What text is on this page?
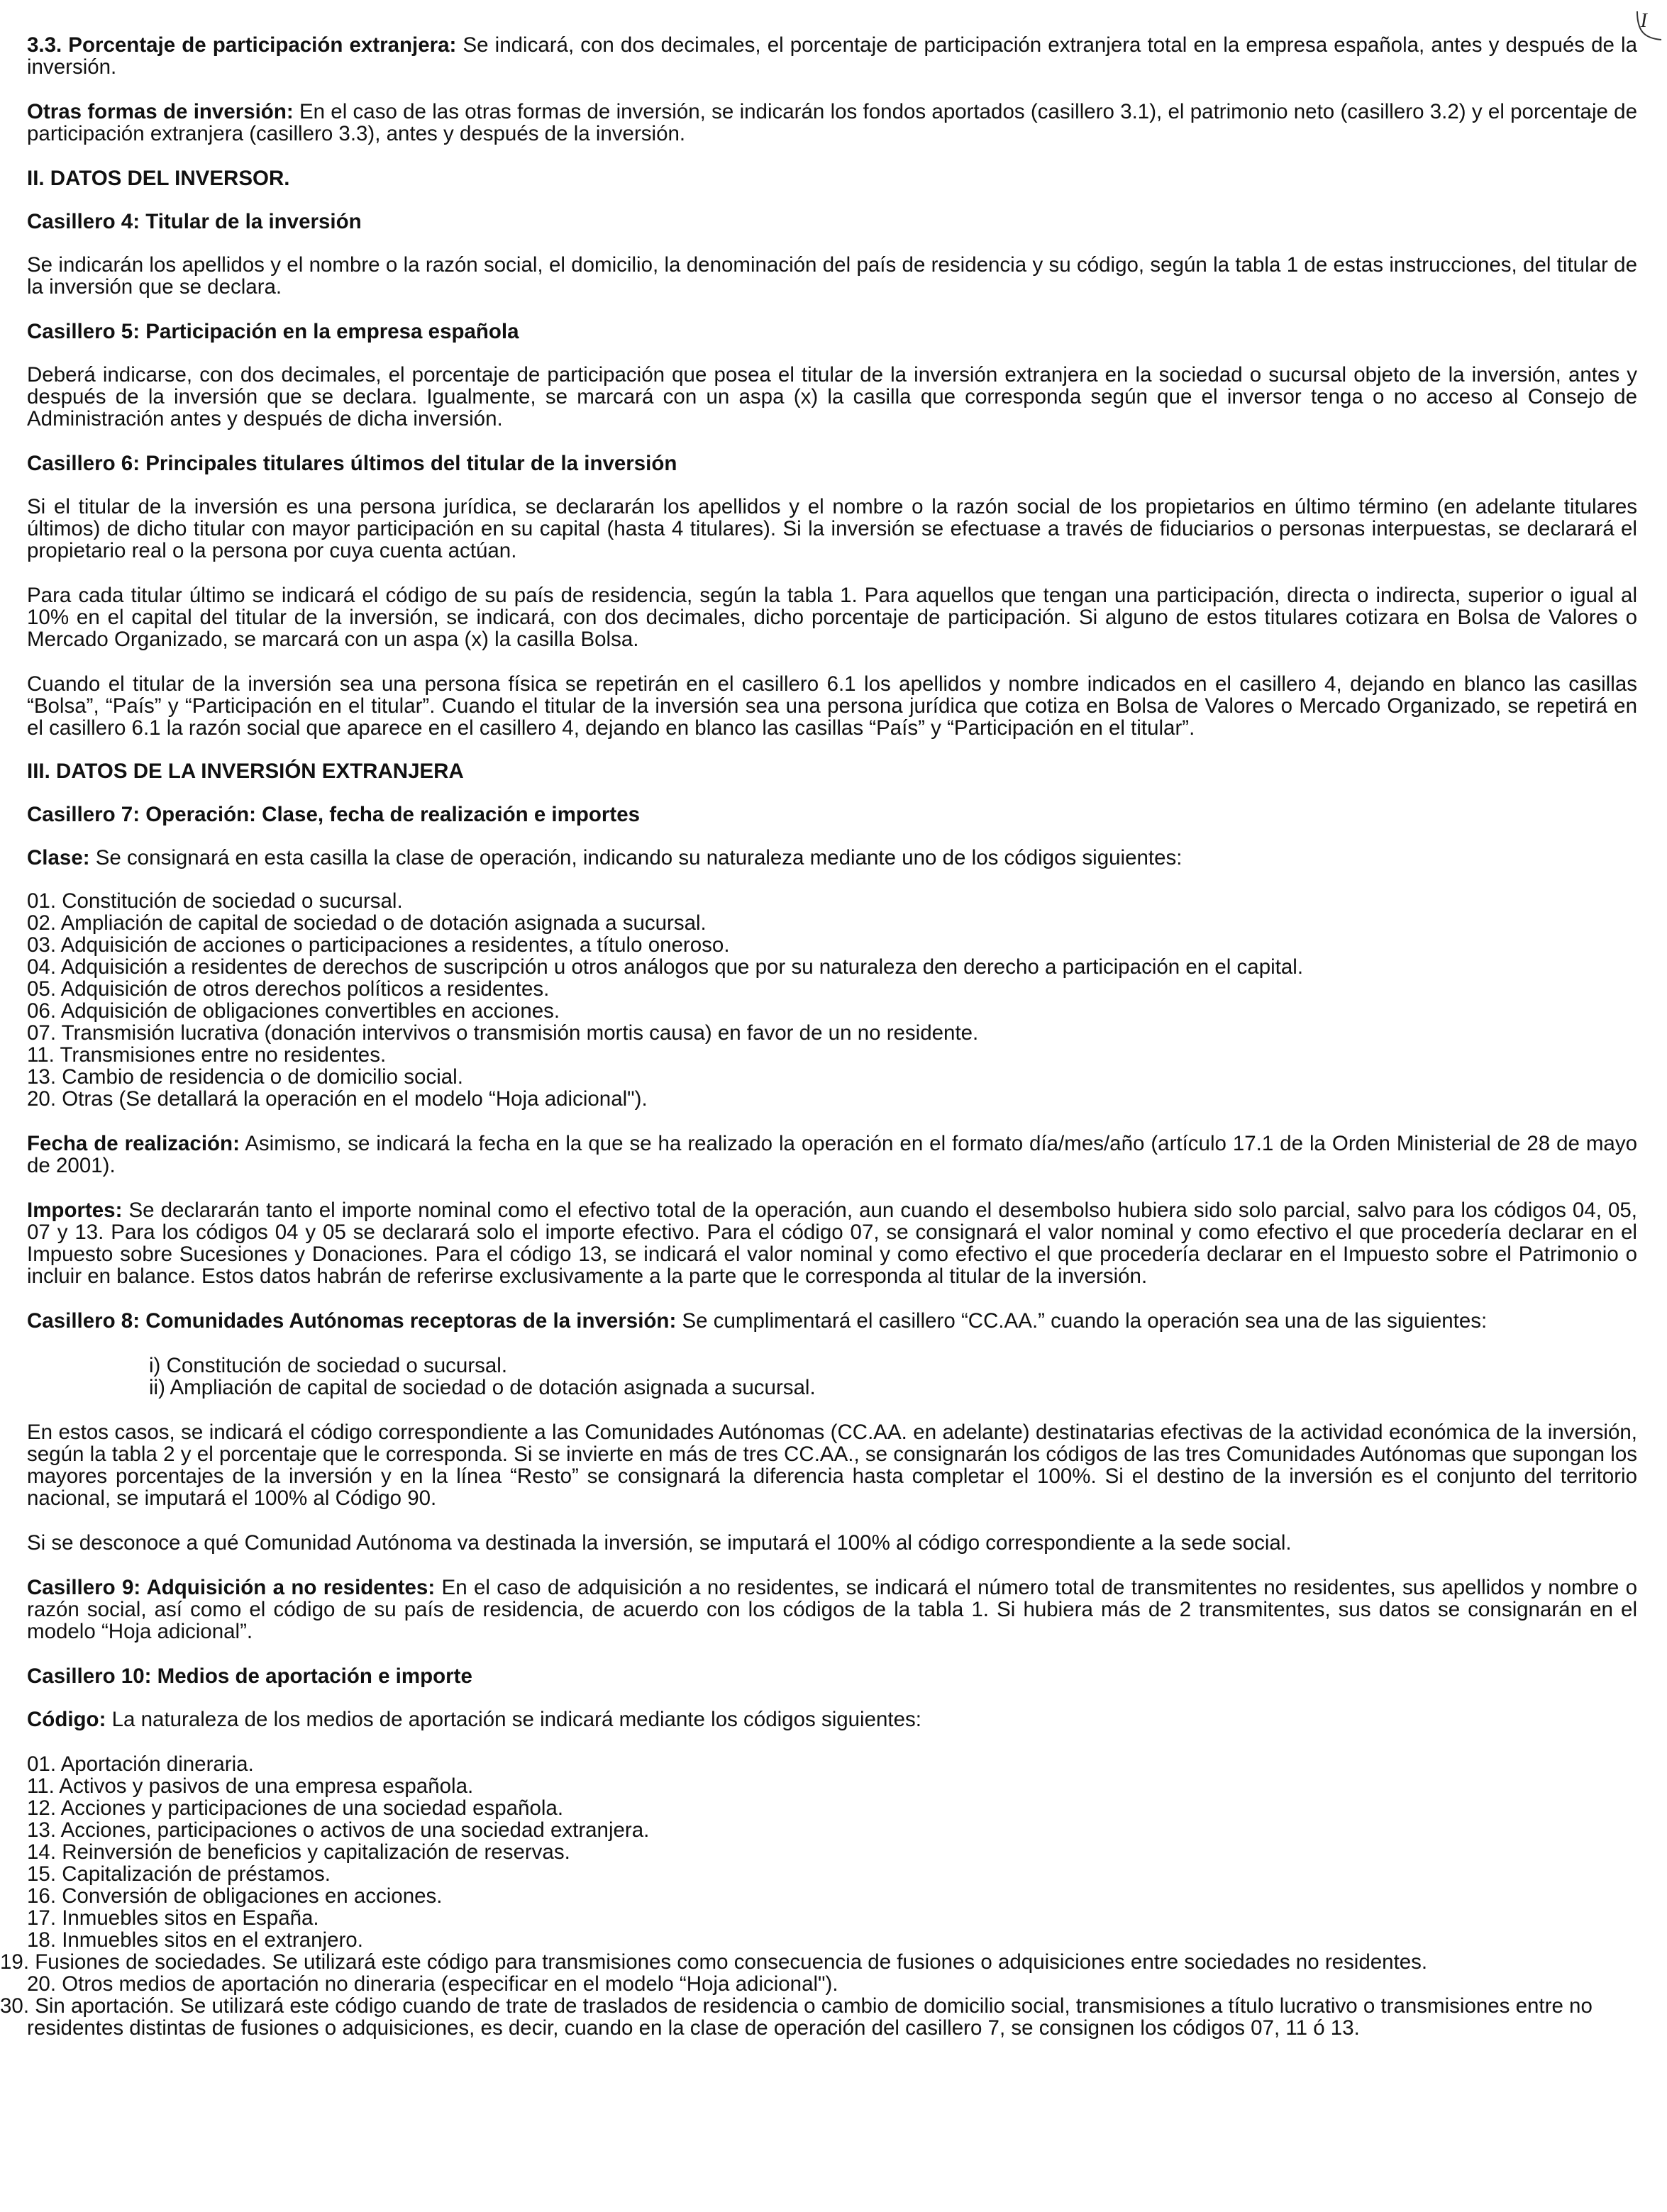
I

3.3. Porcentaje de participación extranjera: Se indicará, con dos decimales, el porcentaje de participación extranjera total en la empresa española, antes y después de la inversión.

Otras formas de inversión: En el caso de las otras formas de inversión, se indicarán los fondos aportados (casillero 3.1), el patrimonio neto (casillero 3.2) y el porcentaje de participación extranjera (casillero 3.3), antes y después de la inversión.

II. DATOS DEL INVERSOR.
Casillero 4: Titular de la inversión

Se indicarán los apellidos y el nombre o la razón social, el domicilio, la denominación del país de residencia y su código, según la tabla 1 de estas instrucciones, del titular de la inversión que se declara.

Casillero 5: Participación en la empresa española

Deberá indicarse, con dos decimales, el porcentaje de participación que posea el titular de la inversión extranjera en la sociedad o sucursal objeto de la inversión, antes y después de la inversión que se declara. Igualmente, se marcará con un aspa (x) la casilla que corresponda según que el inversor tenga o no acceso al Consejo de Administración antes y después de dicha inversión.

Casillero 6: Principales titulares últimos del titular de la inversión

Si el titular de la inversión es una persona jurídica, se declararán los apellidos y el nombre o la razón social de los propietarios en último término (en adelante titulares últimos) de dicho titular con mayor participación en su capital (hasta 4 titulares). Si la inversión se efectuase a través de fiduciarios o personas interpuestas, se declarará el propietario real o la persona por cuya cuenta actúan.

Para cada titular último se indicará el código de su país de residencia, según la tabla 1. Para aquellos que tengan una participación, directa o indirecta, superior o igual al 10% en el capital del titular de la inversión, se indicará, con dos decimales, dicho porcentaje de participación. Si alguno de estos titulares cotizara en Bolsa de Valores o Mercado Organizado, se marcará con un aspa (x) la casilla Bolsa.

Cuando el titular de la inversión sea una persona física se repetirán en el casillero 6.1 los apellidos y nombre indicados en el casillero 4, dejando en blanco las casillas “Bolsa”, “País” y “Participación en el titular”. Cuando el titular de la inversión sea una persona jurídica que cotiza en Bolsa de Valores o Mercado Organizado, se repetirá en el casillero 6.1 la razón social que aparece en el casillero 4, dejando en blanco las casillas “País” y “Participación en el titular”.

III. DATOS DE LA INVERSIÓN EXTRANJERA
Casillero 7: Operación: Clase, fecha de realización e importes

Clase: Se consignará en esta casilla la clase de operación, indicando su naturaleza mediante uno de los códigos siguientes:

01. Constitución de sociedad o sucursal.
02. Ampliación de capital de sociedad o de dotación asignada a sucursal.
03. Adquisición de acciones o participaciones a residentes, a título oneroso.
04. Adquisición a residentes de derechos de suscripción u otros análogos que por su naturaleza den derecho a participación en el capital.
05. Adquisición de otros derechos políticos a residentes.
06. Adquisición de obligaciones convertibles en acciones.
07. Transmisión lucrativa (donación intervivos o transmisión mortis causa) en favor de un no residente.
11. Transmisiones entre no residentes.
13. Cambio de residencia o de domicilio social.
20. Otras (Se detallará la operación en el modelo “Hoja adicional").

Fecha de realización: Asimismo, se indicará la fecha en la que se ha realizado la operación en el formato día/mes/año (artículo 17.1 de la Orden Ministerial de 28 de mayo de 2001).

Importes: Se declararán tanto el importe nominal como el efectivo total de la operación, aun cuando el desembolso hubiera sido solo parcial, salvo para los códigos 04, 05, 07 y 13. Para los códigos 04 y 05 se declarará solo el importe efectivo. Para el código 07, se consignará el valor nominal y como efectivo el que procedería declarar en el Impuesto sobre Sucesiones y Donaciones. Para el código 13, se indicará el valor nominal y como efectivo el que procedería declarar en el Impuesto sobre el Patrimonio o incluir en balance. Estos datos habrán de referirse exclusivamente a la parte que le corresponda al titular de la inversión.

Casillero 8: Comunidades Autónomas receptoras de la inversión: Se cumplimentará el casillero “CC.AA.” cuando la operación sea una de las siguientes:

i) Constitución de sociedad o sucursal.
ii) Ampliación de capital de sociedad o de dotación asignada a sucursal.

En estos casos, se indicará el código correspondiente a las Comunidades Autónomas (CC.AA. en adelante) destinatarias efectivas de la actividad económica de la inversión, según la tabla 2 y el porcentaje que le corresponda. Si se invierte en más de tres CC.AA., se consignarán los códigos de las tres Comunidades Autónomas que supongan los mayores porcentajes de la inversión y en la línea “Resto” se consignará la diferencia hasta completar el 100%. Si el destino de la inversión es el conjunto del territorio nacional, se imputará el 100% al Código 90.

Si se desconoce a qué Comunidad Autónoma va destinada la inversión, se imputará el 100% al código correspondiente a la sede social.

Casillero 9: Adquisición a no residentes: En el caso de adquisición a no residentes, se indicará el número total de transmitentes no residentes, sus apellidos y nombre o razón social, así como el código de su país de residencia, de acuerdo con los códigos de la tabla 1. Si hubiera más de 2 transmitentes, sus datos se consignarán en el modelo “Hoja adicional”.

Casillero 10: Medios de aportación e importe

Código: La naturaleza de los medios de aportación se indicará mediante los códigos siguientes:

01. Aportación dineraria.
11. Activos y pasivos de una empresa española.
12. Acciones y participaciones de una sociedad española.
13. Acciones, participaciones o activos de una sociedad extranjera.
14. Reinversión de beneficios y capitalización de reservas.
15. Capitalización de préstamos.
16. Conversión de obligaciones en acciones.
17. Inmuebles sitos en España.
18. Inmuebles sitos en el extranjero.
19. Fusiones de sociedades. Se utilizará este código para transmisiones como consecuencia de fusiones o adquisiciones entre sociedades no residentes.
20. Otros medios de aportación no dineraria (especificar en el modelo “Hoja adicional").
30. Sin aportación. Se utilizará este código cuando de trate de traslados de residencia o cambio de domicilio social, transmisiones a título lucrativo o transmisiones entre no residentes distintas de fusiones o adquisiciones, es decir, cuando en la clase de operación del casillero 7, se consignen los códigos 07, 11 ó 13.
